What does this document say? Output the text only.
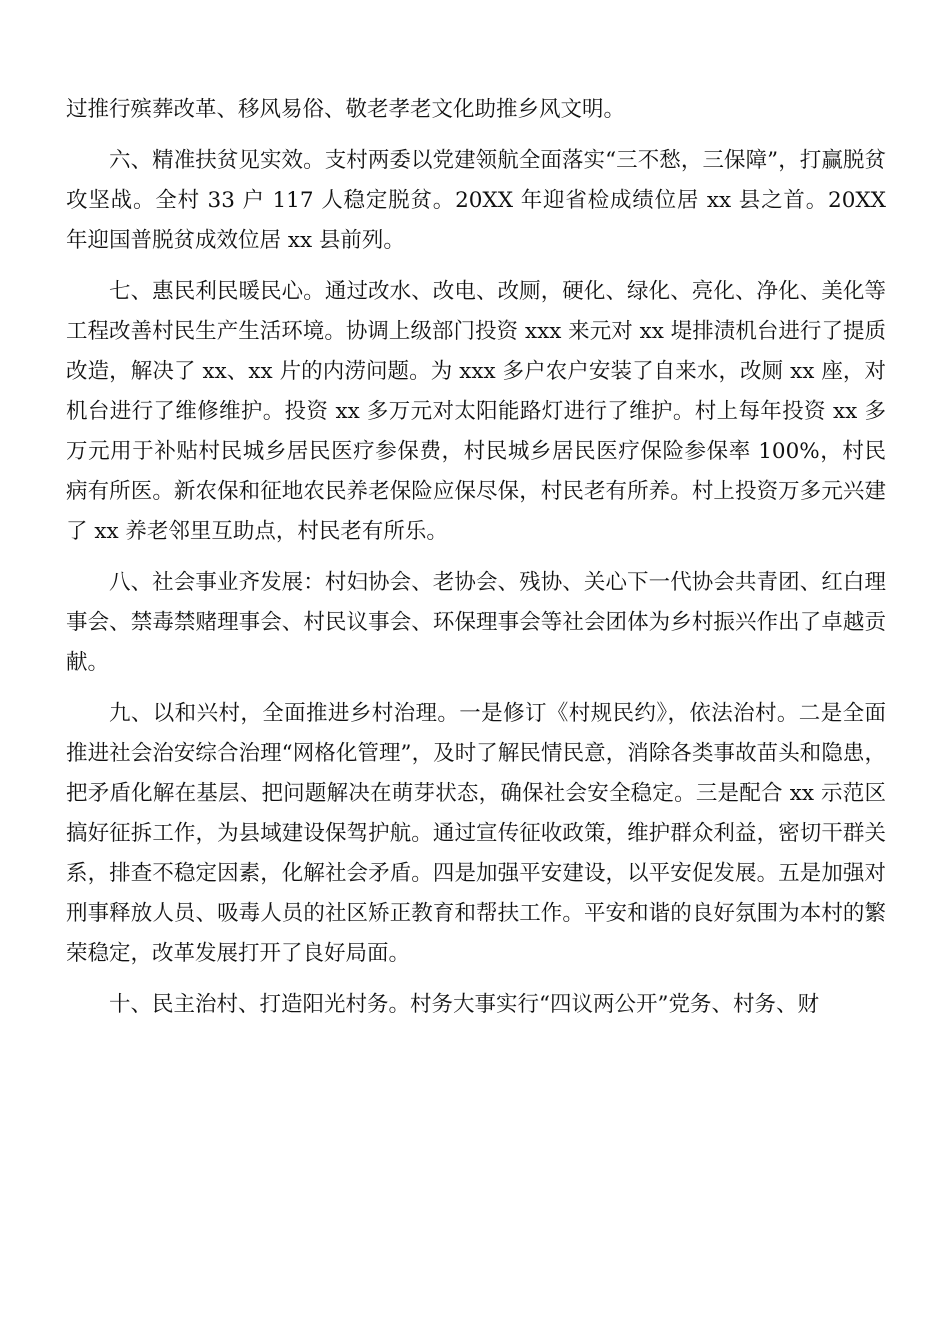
过推行殡葬改革、移风易俗、敬老孝老文化助推乡风文明。

六、精准扶贫见实效。支村两委以党建领航全面落实“三不愁，三保障”，打赢脱贫攻坚战。全村 33 户 117 人稳定脱贫。20XX 年迎省检成绩位居 xx 县之首。20XX 年迎国普脱贫成效位居 xx 县前列。

七、惠民利民暖民心。通过改水、改电、改厕，硬化、绿化、亮化、净化、美化等工程改善村民生产生活环境。协调上级部门投资 xxx 来元对 xx 堤排渍机台进行了提质改造，解决了 xx、xx 片的内涝问题。为 xxx 多户农户安装了自来水，改厕 xx 座，对机台进行了维修维护。投资 xx 多万元对太阳能路灯进行了维护。村上每年投资 xx 多万元用于补贴村民城乡居民医疗参保费，村民城乡居民医疗保险参保率 100%，村民病有所医。新农保和征地农民养老保险应保尽保，村民老有所养。村上投资万多元兴建了 xx 养老邻里互助点，村民老有所乐。

八、社会事业齐发展：村妇协会、老协会、残协、关心下一代协会共青团、红白理事会、禁毒禁赌理事会、村民议事会、环保理事会等社会团体为乡村振兴作出了卓越贡献。

九、以和兴村，全面推进乡村治理。一是修订《村规民约》，依法治村。二是全面推进社会治安综合治理“网格化管理”，及时了解民情民意，消除各类事故苗头和隐患，把矛盾化解在基层、把问题解决在萌芽状态，确保社会安全稳定。三是配合 xx 示范区搞好征拆工作，为县域建设保驾护航。通过宣传征收政策，维护群众利益，密切干群关系，排查不稳定因素，化解社会矛盾。四是加强平安建设，以平安促发展。五是加强对刑事释放人员、吸毒人员的社区矫正教育和帮扶工作。平安和谐的良好氛围为本村的繁荣稳定，改革发展打开了良好局面。

十、民主治村、打造阳光村务。村务大事实行“四议两公开”党务、村务、财
